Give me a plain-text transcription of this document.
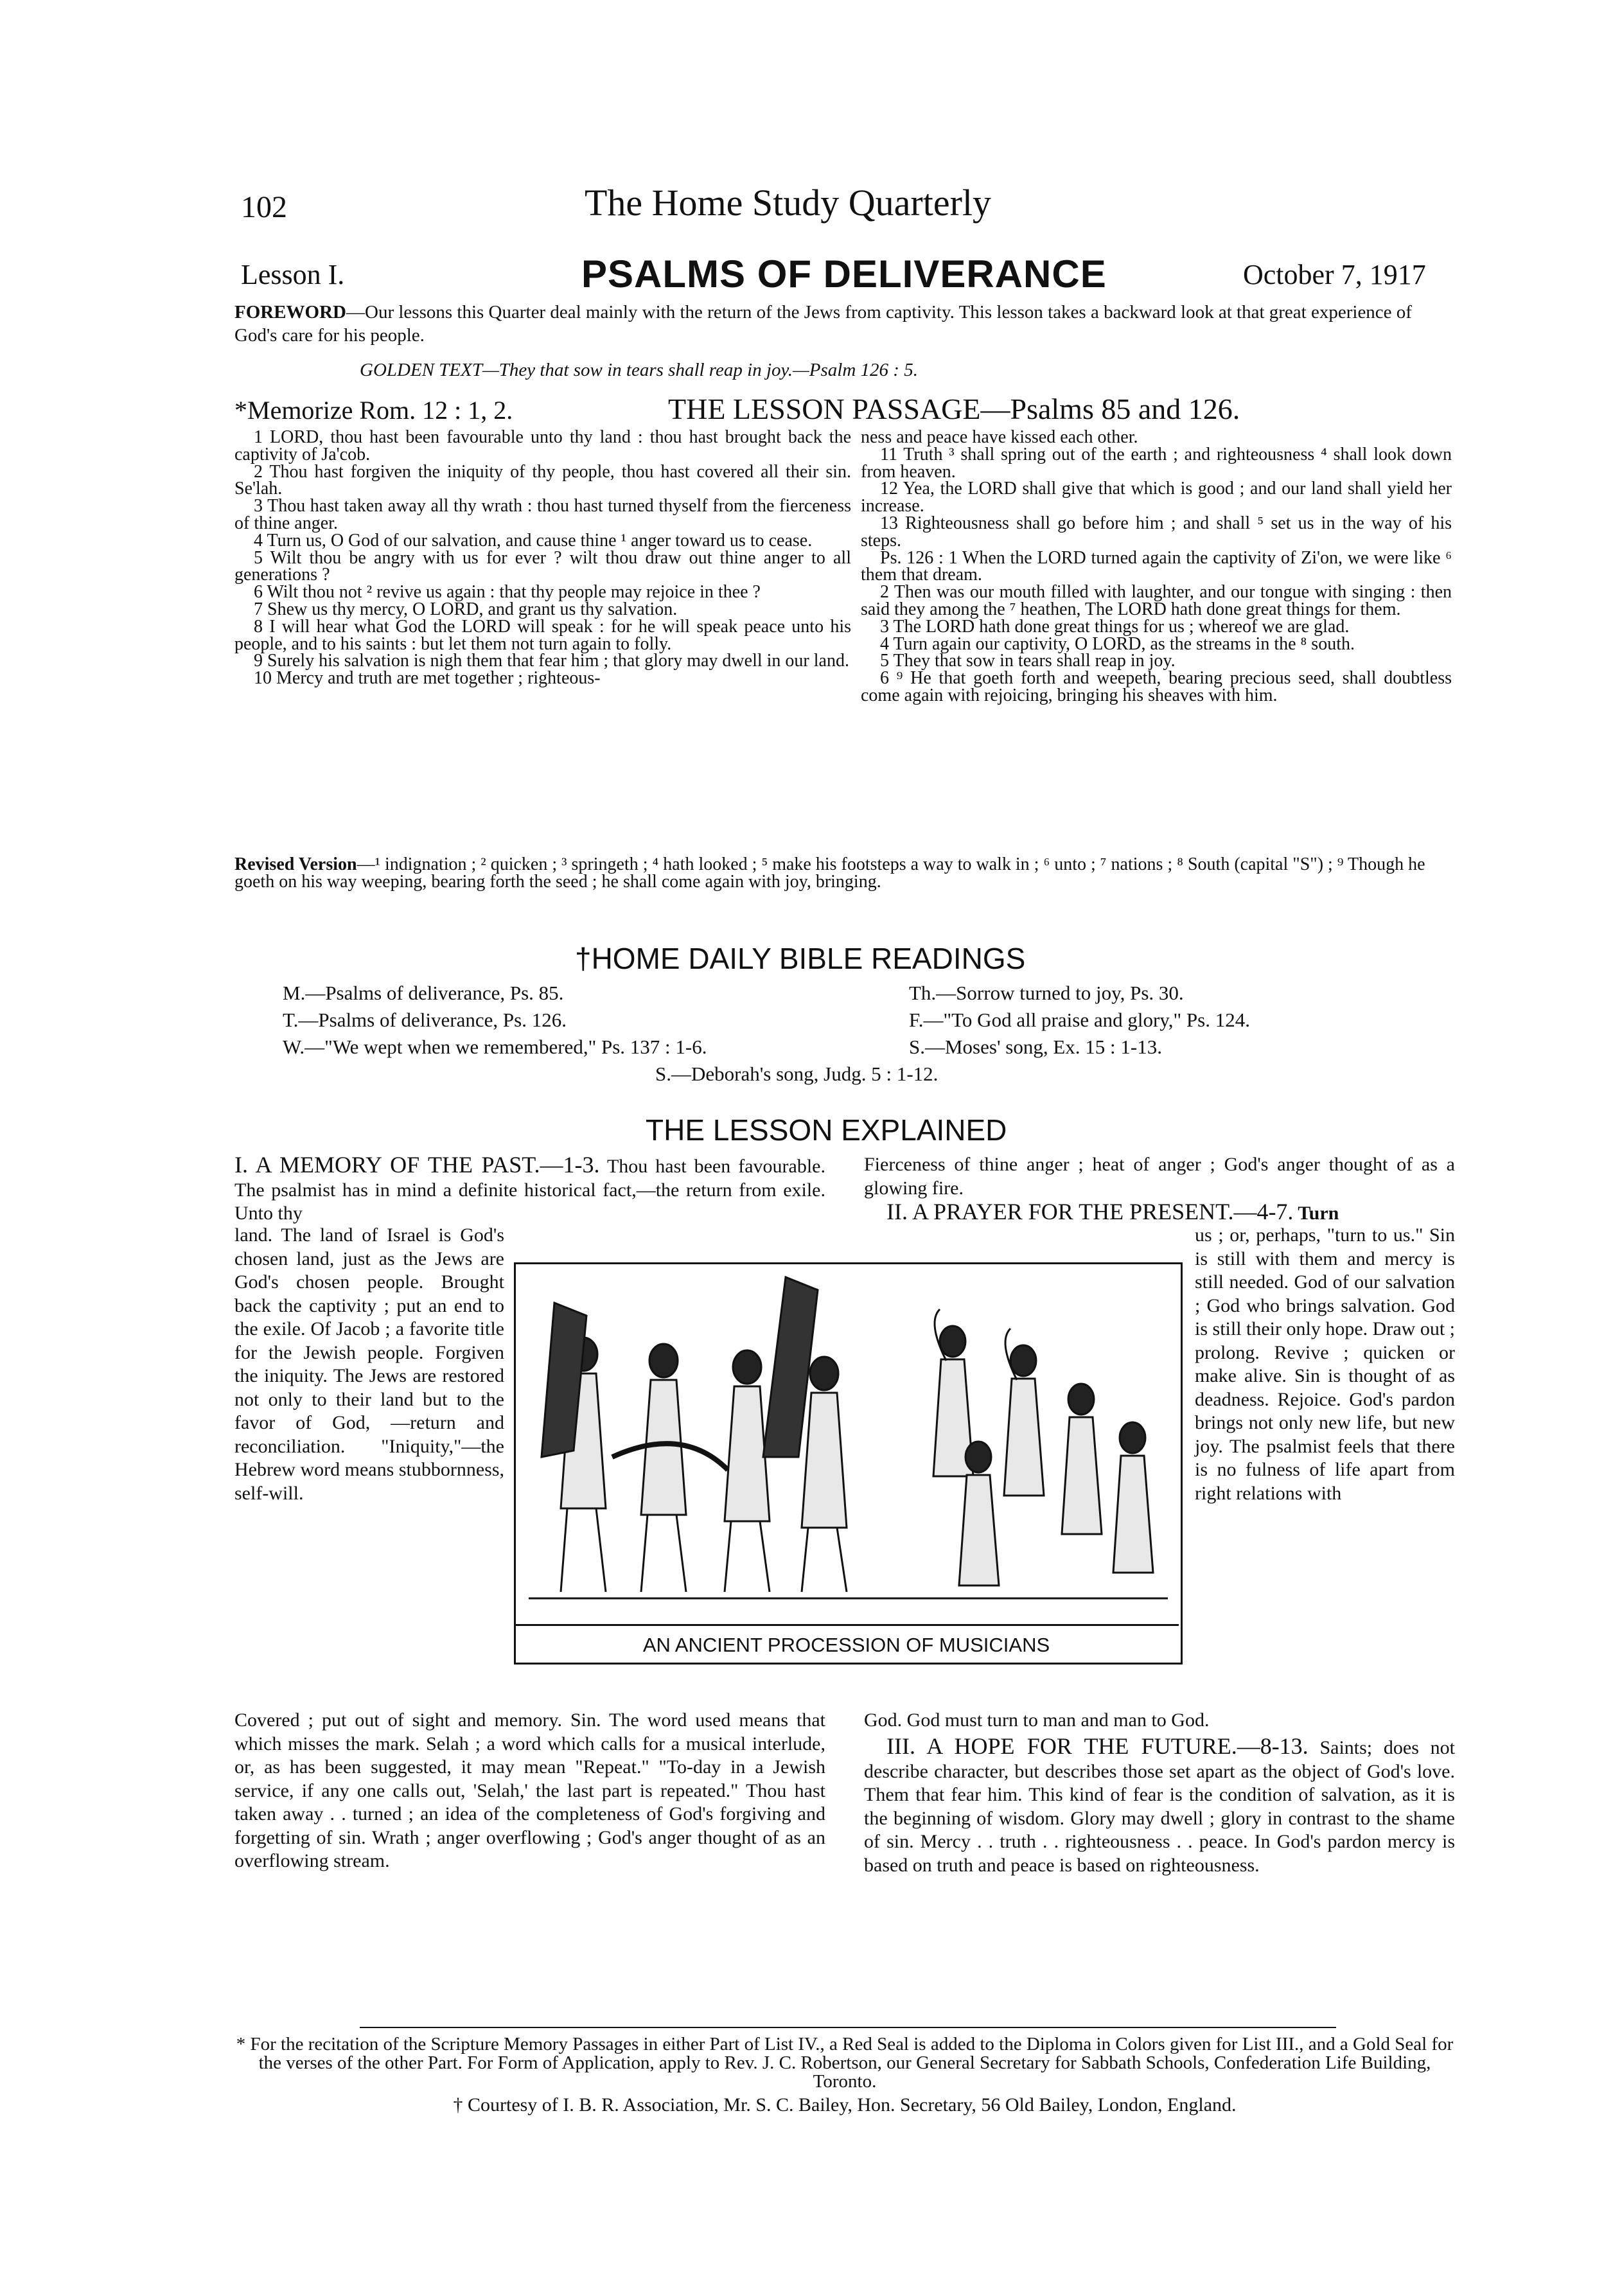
102	The Home Study Quarterly
Lesson I.	PSALMS OF DELIVERANCE	October 7, 1917
FOREWORD—Our lessons this Quarter deal mainly with the return of the Jews from captivity. This lesson takes a backward look at that great experience of God's care for his people.
GOLDEN TEXT—They that sow in tears shall reap in joy.—Psalm 126 : 5.
*Memorize Rom. 12 : 1, 2.	THE LESSON PASSAGE—Psalms 85 and 126.

1 LORD, thou hast been favourable unto thy land : thou hast brought back the captivity of Ja'cob.

2 Thou hast forgiven the iniquity of thy people, thou hast covered all their sin. Se'lah.

3 Thou hast taken away all thy wrath : thou hast turned thyself from the fierceness of thine anger.

4 Turn us, O God of our salvation, and cause thine ¹ anger toward us to cease.

5 Wilt thou be angry with us for ever ? wilt thou draw out thine anger to all generations ?

6 Wilt thou not ² revive us again : that thy people may rejoice in thee ?

7 Shew us thy mercy, O LORD, and grant us thy salvation.

8 I will hear what God the LORD will speak : for he will speak peace unto his people, and to his saints : but let them not turn again to folly.

9 Surely his salvation is nigh them that fear him ; that glory may dwell in our land.

10 Mercy and truth are met together ; righteous-

ness and peace have kissed each other.

11 Truth ³ shall spring out of the earth ; and righteousness ⁴ shall look down from heaven.

12 Yea, the LORD shall give that which is good ; and our land shall yield her increase.

13 Righteousness shall go before him ; and shall ⁵ set us in the way of his steps.

Ps. 126 : 1 When the LORD turned again the captivity of Zi'on, we were like ⁶ them that dream.

2 Then was our mouth filled with laughter, and our tongue with singing : then said they among the ⁷ heathen, The LORD hath done great things for them.

3 The LORD hath done great things for us ; whereof we are glad.

4 Turn again our captivity, O LORD, as the streams in the ⁸ south.

5 They that sow in tears shall reap in joy.

6 ⁹ He that goeth forth and weepeth, bearing precious seed, shall doubtless come again with rejoicing, bringing his sheaves with him.

Revised Version—¹ indignation ; ² quicken ; ³ springeth ; ⁴ hath looked ; ⁵ make his footsteps a way to walk in ; ⁶ unto ; ⁷ nations ; ⁸ South (capital "S") ; ⁹ Though he goeth on his way weeping, bearing forth the seed ; he shall come again with joy, bringing.
†HOME DAILY BIBLE READINGS
M.—Psalms of deliverance, Ps. 85.	Th.—Sorrow turned to joy, Ps. 30.
T.—Psalms of deliverance, Ps. 126.	F.—"To God all praise and glory," Ps. 124.
W.—"We wept when we remembered," Ps. 137 : 1-6.	S.—Moses' song, Ex. 15 : 1-13.
S.—Deborah's song, Judg. 5 : 1-12.
THE LESSON EXPLAINED
I. A MEMORY OF THE PAST.—1-3. Thou hast been favourable. The psalmist has in mind a definite historical fact,—the return from exile. Unto thy
land. The land of Israel is God's chosen land, just as the Jews are God's chosen people. Brought back the captivity ; put an end to the exile. Of Jacob ; a favorite title for the Jewish people. Forgiven the iniquity. The Jews are restored not only to their land but to the favor of God, —return and reconciliation. "Iniquity,"—the Hebrew word means stubbornness, self-will.
Covered ; put out of sight and memory. Sin. The word used means that which misses the mark. Selah ; a word which calls for a musical interlude, or, as has been suggested, it may mean "Repeat." "To-day in a Jewish service, if any one calls out, 'Selah,' the last part is repeated." Thou hast taken away . . turned ; an idea of the completeness of God's forgiving and forgetting of sin. Wrath ; anger overflowing ; God's anger thought of as an overflowing stream.
Fierceness of thine anger ; heat of anger ; God's anger thought of as a glowing fire.
II. A PRAYER FOR THE PRESENT.—4-7. Turn
us ; or, perhaps, "turn to us." Sin is still with them and mercy is still needed. God of our salvation ; God who brings salvation. God is still their only hope. Draw out ; prolong. Revive ; quicken or make alive. Sin is thought of as deadness. Rejoice. God's pardon brings not only new life, but new joy. The psalmist feels that there is no fulness of life apart from right relations with
God. God must turn to man and man to God.
III. A HOPE FOR THE FUTURE.—8-13. Saints; does not describe character, but describes those set apart as the object of God's love. Them that fear him. This kind of fear is the condition of salvation, as it is the beginning of wisdom. Glory may dwell ; glory in contrast to the shame of sin. Mercy . . truth . . righteousness . . peace. In God's pardon mercy is based on truth and peace is based on righteousness.
AN ANCIENT PROCESSION OF MUSICIANS
* For the recitation of the Scripture Memory Passages in either Part of List IV., a Red Seal is added to the Diploma in Colors given for List III., and a Gold Seal for the verses of the other Part. For Form of Application, apply to Rev. J. C. Robertson, our General Secretary for Sabbath Schools, Confederation Life Building, Toronto.
† Courtesy of I. B. R. Association, Mr. S. C. Bailey, Hon. Secretary, 56 Old Bailey, London, England.
